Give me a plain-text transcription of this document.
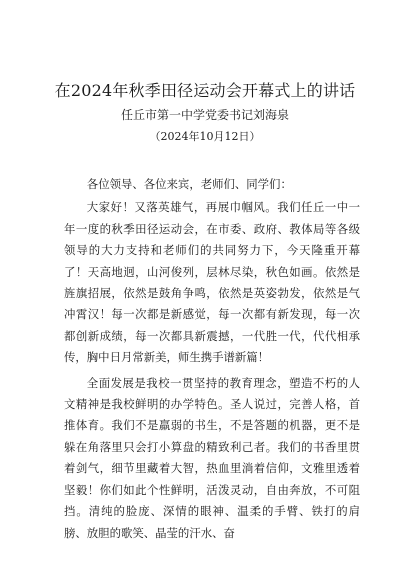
在2024年秋季田径运动会开幕式上的讲话
任丘市第一中学党委书记刘海泉
（2024年10月12日）

各位领导、各位来宾，老师们、同学们：

大家好！又落英雄气，再展巾帼风。我们任丘一中一年一度的秋季田径运动会，在市委、政府、教体局等各级领导的大力支持和老师们的共同努力下，今天隆重开幕了！天高地迥，山河俊列，层林尽染，秋色如画。依然是旌旗招展，依然是鼓角争鸣，依然是英姿勃发，依然是气冲霄汉！每一次都是新感觉，每一次都有新发现，每一次都创新成绩，每一次都具新震撼，一代胜一代，代代相承传，胸中日月常新美，师生携手谱新篇！

全面发展是我校一贯坚持的教育理念，塑造不朽的人文精神是我校鲜明的办学特色。圣人说过，完善人格，首推体育。我们不是羸弱的书生，不是答题的机器，更不是躲在角落里只会打小算盘的精致利己者。我们的书香里贯着剑气，细节里藏着大智，热血里淌着信仰，文雅里透着坚毅！你们如此个性鲜明，活泼灵动，自由奔放，不可阻挡。清纯的脸庞、深情的眼神、温柔的手臂、铁打的肩膀、放胆的歌笑、晶莹的汗水、奋
